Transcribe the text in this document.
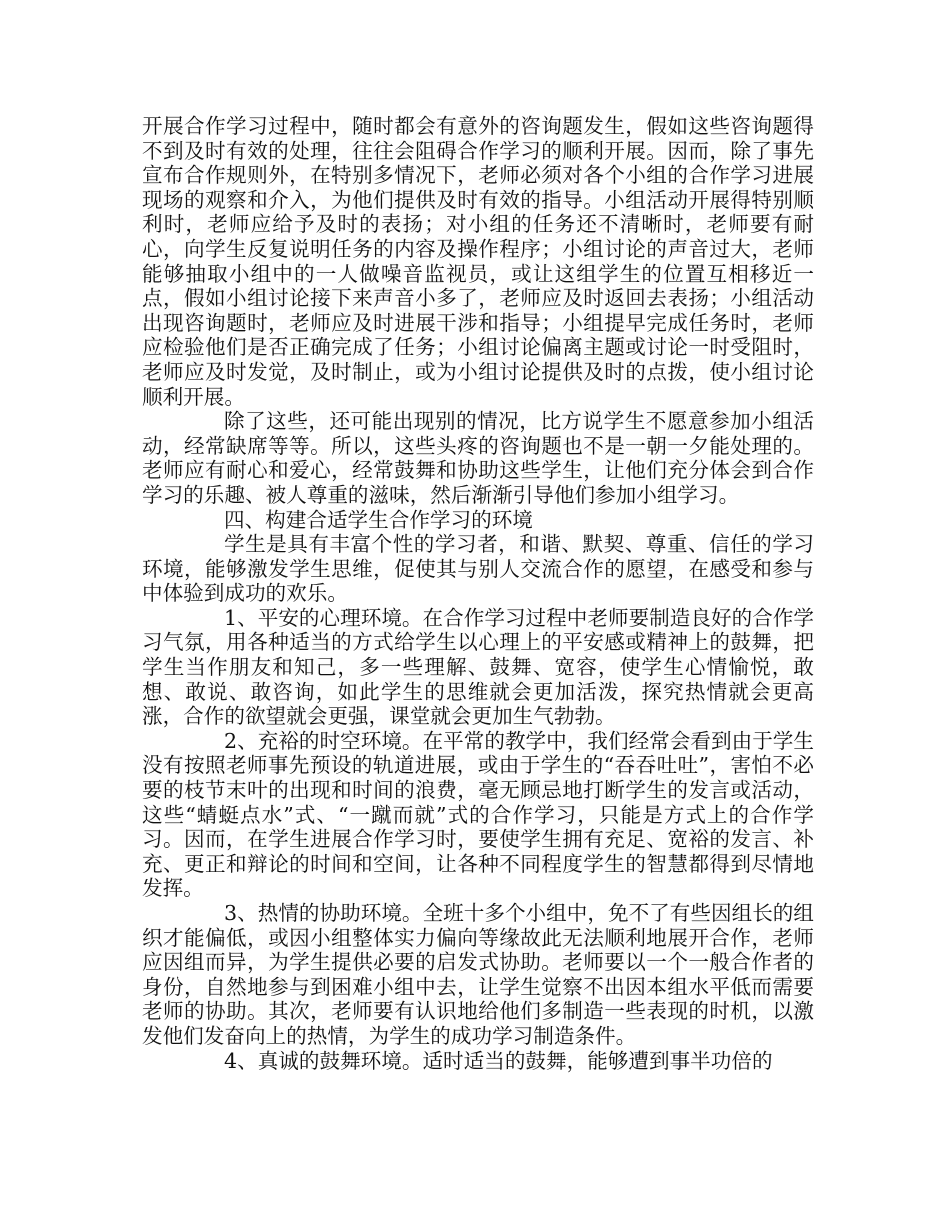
开展合作学习过程中，随时都会有意外的咨询题发生，假如这些咨询题得不到及时有效的处理，往往会阻碍合作学习的顺利开展。因而，除了事先宣布合作规则外，在特别多情况下，老师必须对各个小组的合作学习进展现场的观察和介入，为他们提供及时有效的指导。小组活动开展得特别顺利时，老师应给予及时的表扬；对小组的任务还不清晰时，老师要有耐心，向学生反复说明任务的内容及操作程序；小组讨论的声音过大，老师能够抽取小组中的一人做噪音监视员，或让这组学生的位置互相移近一点，假如小组讨论接下来声音小多了，老师应及时返回去表扬；小组活动出现咨询题时，老师应及时进展干涉和指导；小组提早完成任务时，老师应检验他们是否正确完成了任务；小组讨论偏离主题或讨论一时受阻时，老师应及时发觉，及时制止，或为小组讨论提供及时的点拨，使小组讨论顺利开展。

除了这些，还可能出现别的情况，比方说学生不愿意参加小组活动，经常缺席等等。所以，这些头疼的咨询题也不是一朝一夕能处理的。老师应有耐心和爱心，经常鼓舞和协助这些学生，让他们充分体会到合作学习的乐趣、被人尊重的滋味，然后渐渐引导他们参加小组学习。

四、构建合适学生合作学习的环境

学生是具有丰富个性的学习者，和谐、默契、尊重、信任的学习环境，能够激发学生思维，促使其与别人交流合作的愿望，在感受和参与中体验到成功的欢乐。

1、平安的心理环境。在合作学习过程中老师要制造良好的合作学习气氛，用各种适当的方式给学生以心理上的平安感或精神上的鼓舞，把学生当作朋友和知己，多一些理解、鼓舞、宽容，使学生心情愉悦，敢想、敢说、敢咨询，如此学生的思维就会更加活泼，探究热情就会更高涨，合作的欲望就会更强，课堂就会更加生气勃勃。

2、充裕的时空环境。在平常的教学中，我们经常会看到由于学生没有按照老师事先预设的轨道进展，或由于学生的“吞吞吐吐”，害怕不必要的枝节末叶的出现和时间的浪费，毫无顾忌地打断学生的发言或活动，这些“蜻蜓点水”式、“一蹴而就”式的合作学习，只能是方式上的合作学习。因而，在学生进展合作学习时，要使学生拥有充足、宽裕的发言、补充、更正和辩论的时间和空间，让各种不同程度学生的智慧都得到尽情地发挥。

3、热情的协助环境。全班十多个小组中，免不了有些因组长的组织才能偏低，或因小组整体实力偏向等缘故此无法顺利地展开合作，老师应因组而异，为学生提供必要的启发式协助。老师要以一个一般合作者的身份，自然地参与到困难小组中去，让学生觉察不出因本组水平低而需要老师的协助。其次，老师要有认识地给他们多制造一些表现的时机，以激发他们发奋向上的热情，为学生的成功学习制造条件。

4、真诚的鼓舞环境。适时适当的鼓舞，能够遭到事半功倍的
